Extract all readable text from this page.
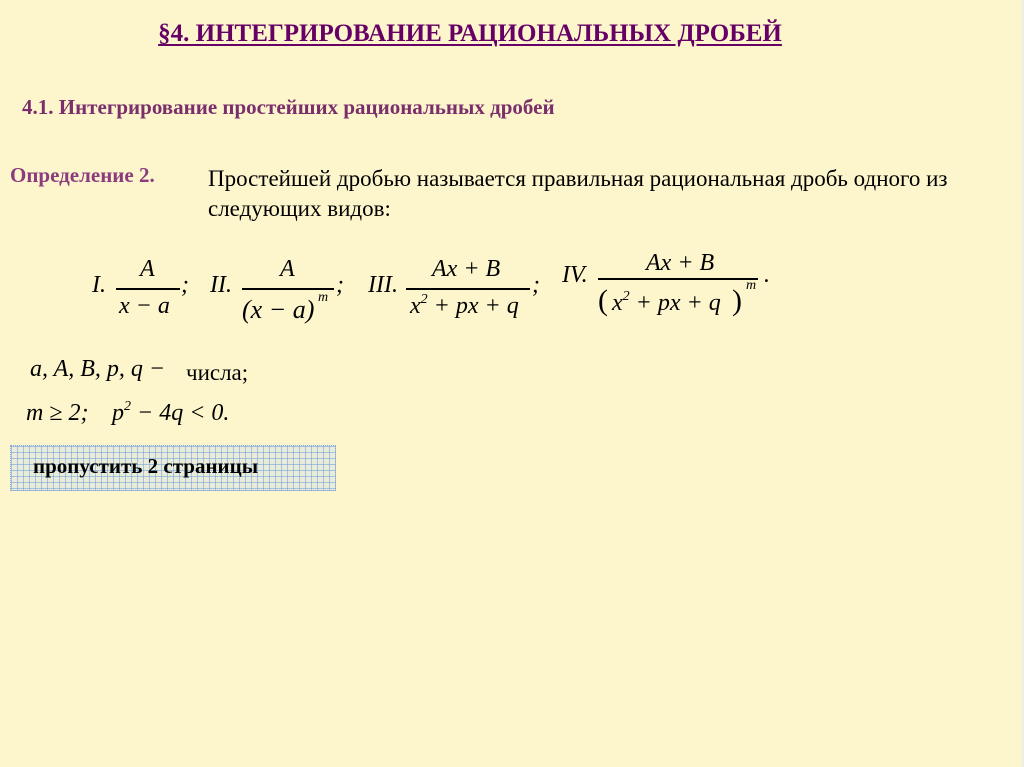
§4. ИНТЕГРИРОВАНИЕ РАЦИОНАЛЬНЫХ ДРОБЕЙ
4.1. Интегрирование простейших рациональных дробей
Определение 2. Простейшей дробью называется правильная рациональная дробь одного из следующих видов:
I.
A
x − a
; II.
A
(x − a) m ; III.
Ax + B
$x^2$ + px + q
; IV. Ax + B
( $x^2$ + px + q ) m .
a, A, B, p, q − числа;
m ≥ 2; $p^2 - 4q < 0$.
пропустить 2 страницы
